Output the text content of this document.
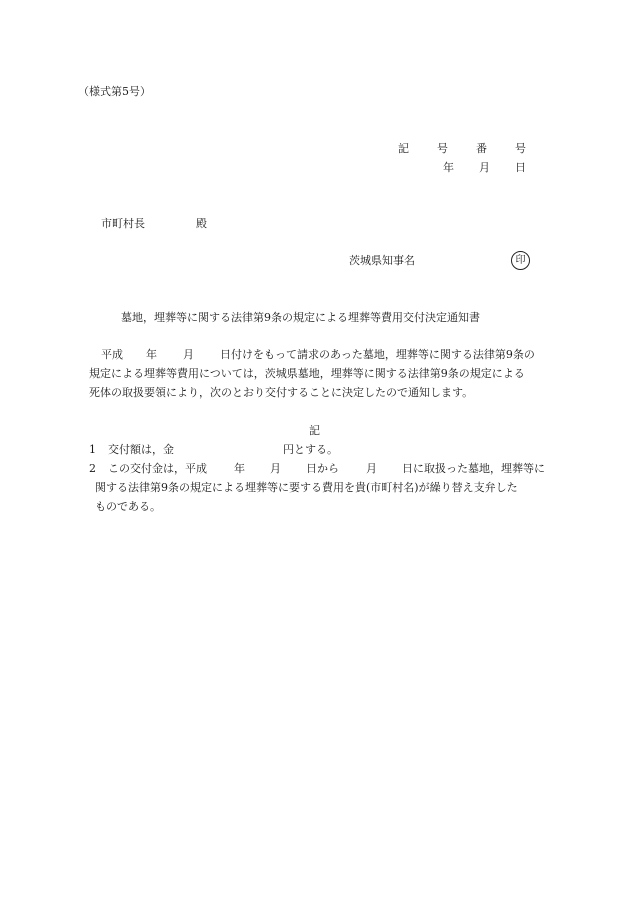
（様式第5号）
記	号	番	号
年 月 日
市町村長	殿
茨城県知事名	印
墓地，埋葬等に関する法律第9条の規定による埋葬等費用交付決定通知書
平成 年 月 日付けをもって請求のあった墓地，埋葬等に関する法律第9条の
規定による埋葬等費用については，茨城県墓地，埋葬等に関する法律第9条の規定による
死体の取扱要領により，次のとおり交付することに決定したので通知します。
記
1 交付額は，金	円とする。
2 この交付金は，平成 年 月 日から 月 日に取扱った墓地，埋葬等に
関する法律第9条の規定による埋葬等に要する費用を貴(市町村名)が繰り替え支弁した
ものである。
